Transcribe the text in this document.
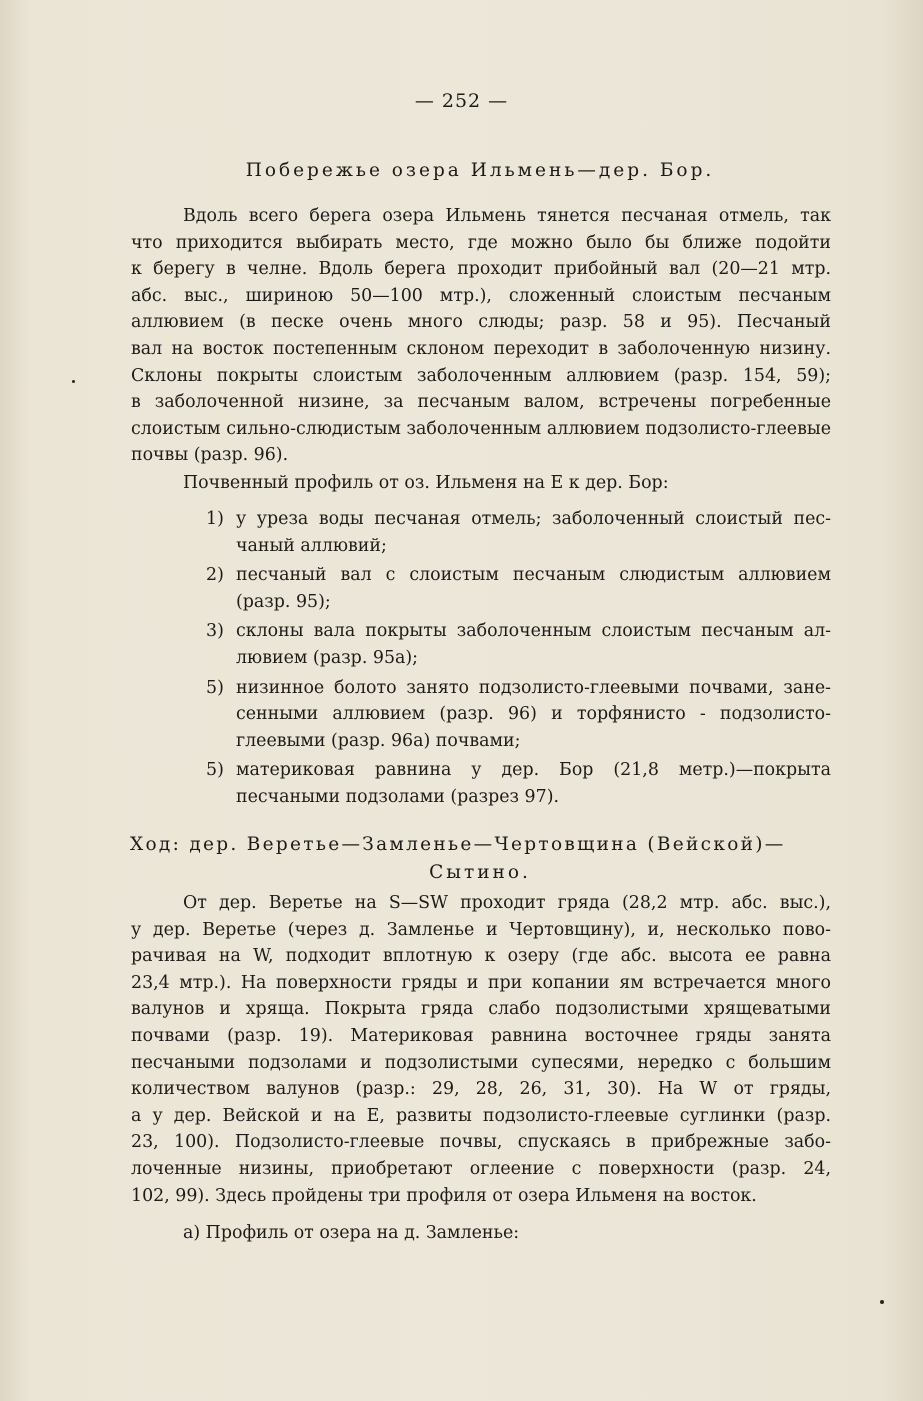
— 252 —
Побережье озера Ильмень—дер. Бор.
Вдоль всего берега озера Ильмень тянется песчаная отмель, так
что приходится выбирать место, где можно было бы ближе подойти
к берегу в челне. Вдоль берега проходит прибойный вал (20—21 мтр.
абс. выс., шириною 50—100 мтр.), сложенный слоистым песчаным
аллювием (в песке очень много слюды; разр. 58 и 95). Песчаный
вал на восток постепенным склоном переходит в заболоченную низину.
Склоны покрыты слоистым заболоченным аллювием (разр. 154, 59);
в заболоченной низине, за песчаным валом, встречены погребенные
слоистым сильно-слюдистым заболоченным аллювием подзолисто-глеевые
почвы (разр. 96).
Почвенный профиль от оз. Ильменя на E к дер. Бор:
1) у уреза воды песчаная отмель; заболоченный слоистый пес-
чаный аллювий;
2) песчаный вал с слоистым песчаным слюдистым аллювием
(разр. 95);
3) склоны вала покрыты заболоченным слоистым песчаным ал-
лювием (разр. 95а);
5) низинное болото занято подзолисто-глеевыми почвами, зане-
сенными аллювием (разр. 96) и торфянисто - подзолисто-
глеевыми (разр. 96а) почвами;
5) материковая равнина у дер. Бор (21,8 метр.)—покрыта
песчаными подзолами (разрез 97).
Ход: дер. Веретье—Замленье—Чертовщина (Вейской)—
Сытино.
От дер. Веретье на S—SW проходит гряда (28,2 мтр. абс. выс.),
у дер. Веретье (через д. Замленье и Чертовщину), и, несколько пово-
рачивая на W, подходит вплотную к озеру (где абс. высота ее равна
23,4 мтр.). На поверхности гряды и при копании ям встречается много
валунов и хряща. Покрыта гряда слабо подзолистыми хрящеватыми
почвами (разр. 19). Материковая равнина восточнее гряды занята
песчаными подзолами и подзолистыми супесями, нередко с большим
количеством валунов (разр.: 29, 28, 26, 31, 30). На W от гряды,
а у дер. Вейской и на E, развиты подзолисто-глеевые суглинки (разр.
23, 100). Подзолисто-глеевые почвы, спускаясь в прибрежные забо-
лоченные низины, приобретают оглеение с поверхности (разр. 24,
102, 99). Здесь пройдены три профиля от озера Ильменя на восток.
а) Профиль от озера на д. Замленье:
